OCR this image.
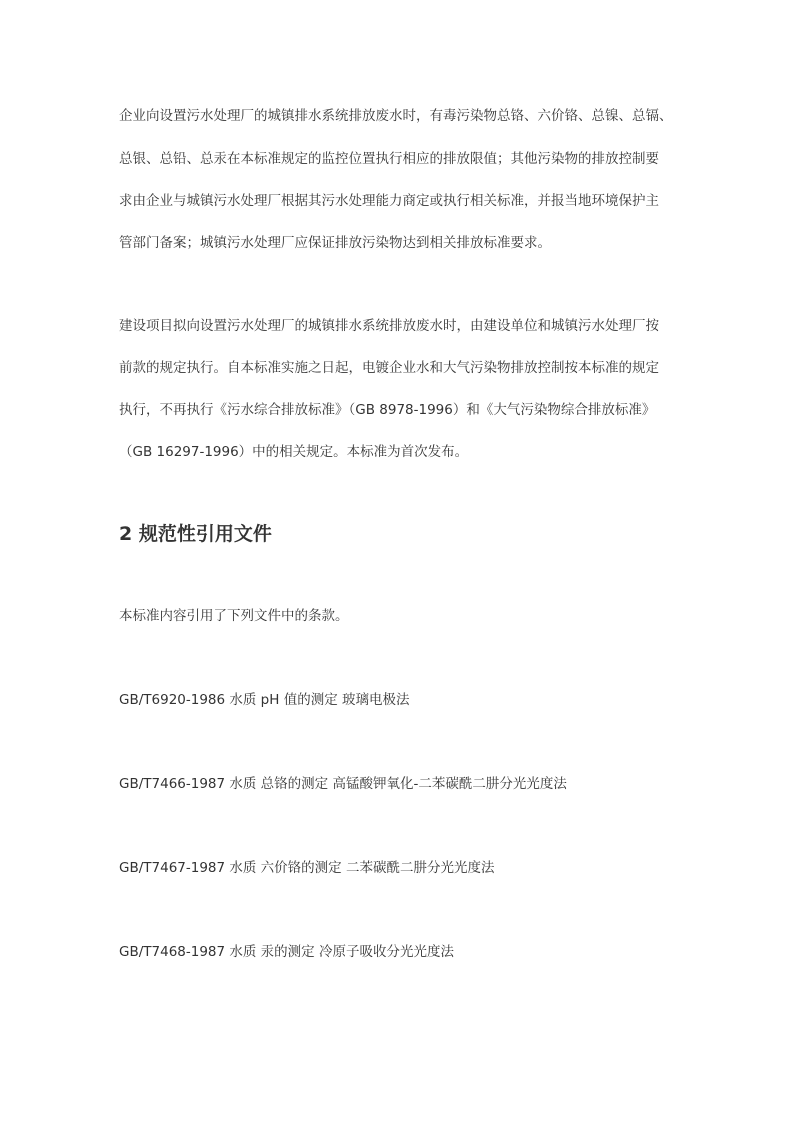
企业向设置污水处理厂的城镇排水系统排放废水时，有毒污染物总铬、六价铬、总镍、总镉、
总银、总铅、总汞在本标准规定的监控位置执行相应的排放限值；其他污染物的排放控制要
求由企业与城镇污水处理厂根据其污水处理能力商定或执行相关标准，并报当地环境保护主
管部门备案；城镇污水处理厂应保证排放污染物达到相关排放标准要求。
建设项目拟向设置污水处理厂的城镇排水系统排放废水时，由建设单位和城镇污水处理厂按
前款的规定执行。自本标准实施之日起，电镀企业水和大气污染物排放控制按本标准的规定
执行，不再执行《污水综合排放标准》（GB 8978-1996）和《大气污染物综合排放标准》
（GB 16297-1996）中的相关规定。本标准为首次发布。
2 规范性引用文件
本标准内容引用了下列文件中的条款。
GB/T6920-1986 水质 pH 值的测定 玻璃电极法
GB/T7466-1987 水质 总铬的测定 高锰酸钾氧化-二苯碳酰二肼分光光度法
GB/T7467-1987 水质 六价铬的测定 二苯碳酰二肼分光光度法
GB/T7468-1987 水质 汞的测定 冷原子吸收分光光度法
